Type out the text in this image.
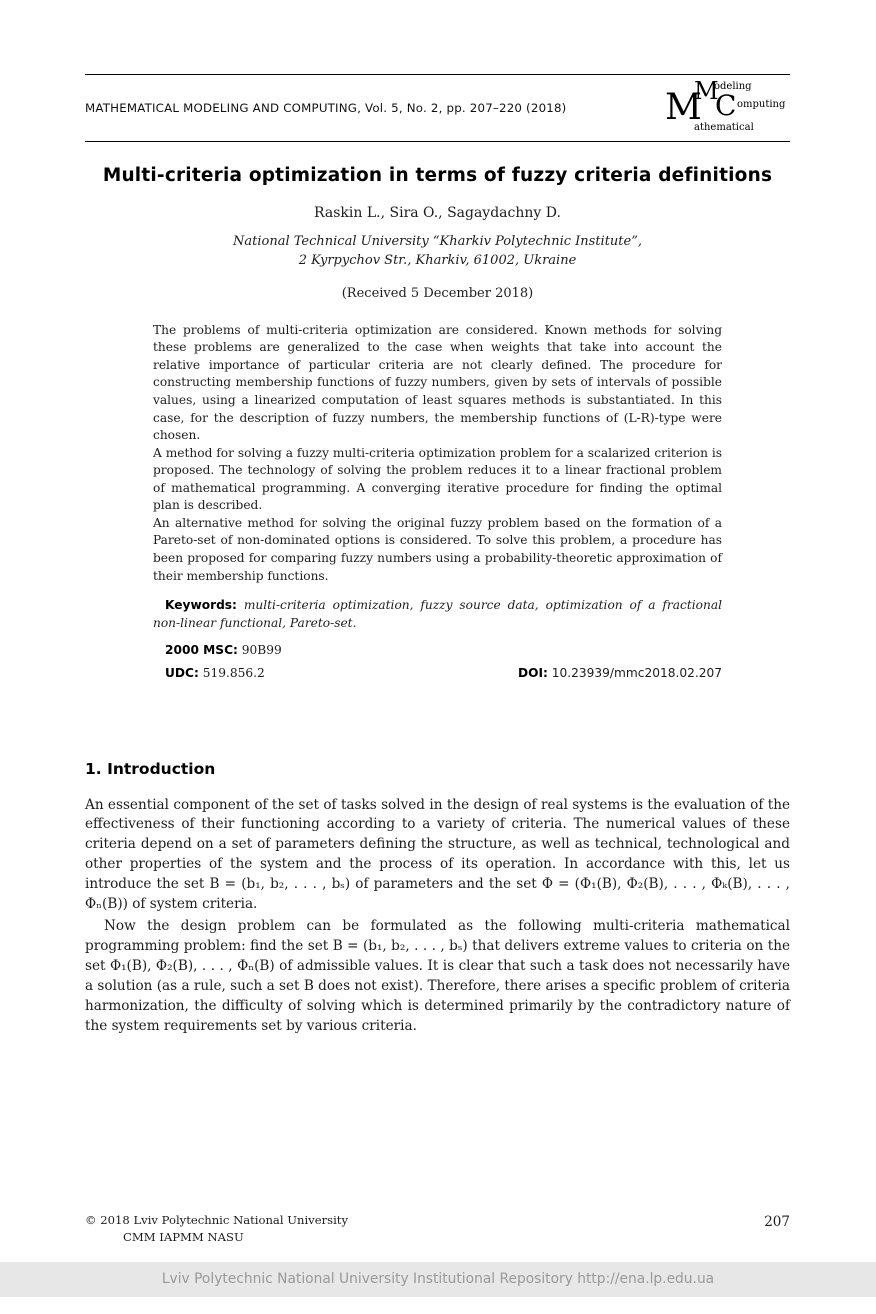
MATHEMATICAL MODELING AND COMPUTING, Vol. 5, No. 2, pp. 207–220 (2018)
M
odeling
M C omputing
athematical
Multi-criteria optimization in terms of fuzzy criteria definitions
Raskin L., Sira O., Sagaydachny D.
National Technical University “Kharkiv Polytechnic Institute”,
2 Kyrpychov Str., Kharkiv, 61002, Ukraine
(Received 5 December 2018)

The problems of multi-criteria optimization are considered. Known methods for solving these problems are generalized to the case when weights that take into account the relative importance of particular criteria are not clearly defined. The procedure for constructing membership functions of fuzzy numbers, given by sets of intervals of possible values, using a linearized computation of least squares methods is substantiated. In this case, for the description of fuzzy numbers, the membership functions of (L-R)-type were chosen.

A method for solving a fuzzy multi-criteria optimization problem for a scalarized criterion is proposed. The technology of solving the problem reduces it to a linear fractional problem of mathematical programming. A converging iterative procedure for finding the optimal plan is described.

An alternative method for solving the original fuzzy problem based on the formation of a Pareto-set of non-dominated options is considered. To solve this problem, a procedure has been proposed for comparing fuzzy numbers using a probability-theoretic approximation of their membership functions.

Keywords: multi-criteria optimization, fuzzy source data, optimization of a fractional non-linear functional, Pareto-set.

2000 MSC: 90B99

UDC: 519.856.2	DOI: 10.23939/mmc2018.02.207
1. Introduction

An essential component of the set of tasks solved in the design of real systems is the evaluation of the effectiveness of their functioning according to a variety of criteria. The numerical values of these criteria depend on a set of parameters defining the structure, as well as technical, technological and other properties of the system and the process of its operation. In accordance with this, let us introduce the set B = (b₁, b₂, . . . , bₛ) of parameters and the set Φ = (Φ₁(B), Φ₂(B), . . . , Φₖ(B), . . . , Φₙ(B)) of system criteria.

Now the design problem can be formulated as the following multi-criteria mathematical programming problem: find the set B = (b₁, b₂, . . . , bₛ) that delivers extreme values to criteria on the set Φ₁(B), Φ₂(B), . . . , Φₙ(B) of admissible values. It is clear that such a task does not necessarily have a solution (as a rule, such a set B does not exist). Therefore, there arises a specific problem of criteria harmonization, the difficulty of solving which is determined primarily by the contradictory nature of the system requirements set by various criteria.

© 2018 Lviv Polytechnic National University
CMM IAPMM NASU
207
Lviv Polytechnic National University Institutional Repository http://ena.lp.edu.ua
